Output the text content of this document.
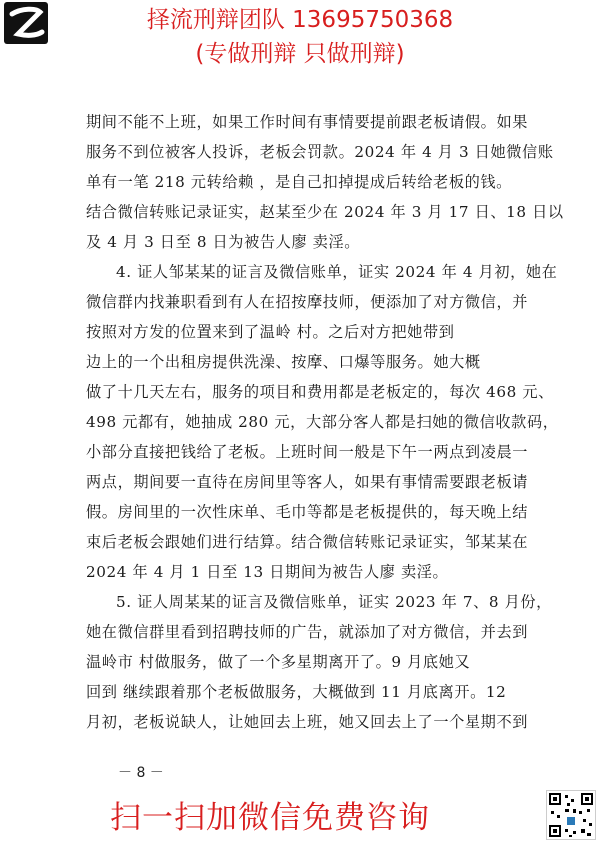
择流刑辩团队 13695750368
(专做刑辩 只做刑辩)
期间不能不上班，如果工作时间有事情要提前跟老板请假。如果
服务不到位被客人投诉，老板会罚款。2024 年 4 月 3 日她微信账
单有一笔 218 元转给赖 ，是自己扣掉提成后转给老板的钱。
结合微信转账记录证实，赵某至少在 2024 年 3 月 17 日、18 日以
及 4 月 3 日至 8 日为被告人廖 卖淫。
4. 证人邹某某的证言及微信账单，证实 2024 年 4 月初，她在
微信群内找兼职看到有人在招按摩技师，便添加了对方微信，并
按照对方发的位置来到了温岭 村。之后对方把她带到
边上的一个出租房提供洗澡、按摩、口爆等服务。她大概
做了十几天左右，服务的项目和费用都是老板定的，每次 468 元、
498 元都有，她抽成 280 元，大部分客人都是扫她的微信收款码，
小部分直接把钱给了老板。上班时间一般是下午一两点到凌晨一
两点，期间要一直待在房间里等客人，如果有事情需要跟老板请
假。房间里的一次性床单、毛巾等都是老板提供的，每天晚上结
束后老板会跟她们进行结算。结合微信转账记录证实，邹某某在
2024 年 4 月 1 日至 13 日期间为被告人廖 卖淫。
5. 证人周某某的证言及微信账单，证实 2023 年 7、8 月份，
她在微信群里看到招聘技师的广告，就添加了对方微信，并去到
温岭市 村做服务，做了一个多星期离开了。9 月底她又
回到 继续跟着那个老板做服务，大概做到 11 月底离开。12
月初，老板说缺人，让她回去上班，她又回去上了一个星期不到
－ 8 －
扫一扫加微信免费咨询
